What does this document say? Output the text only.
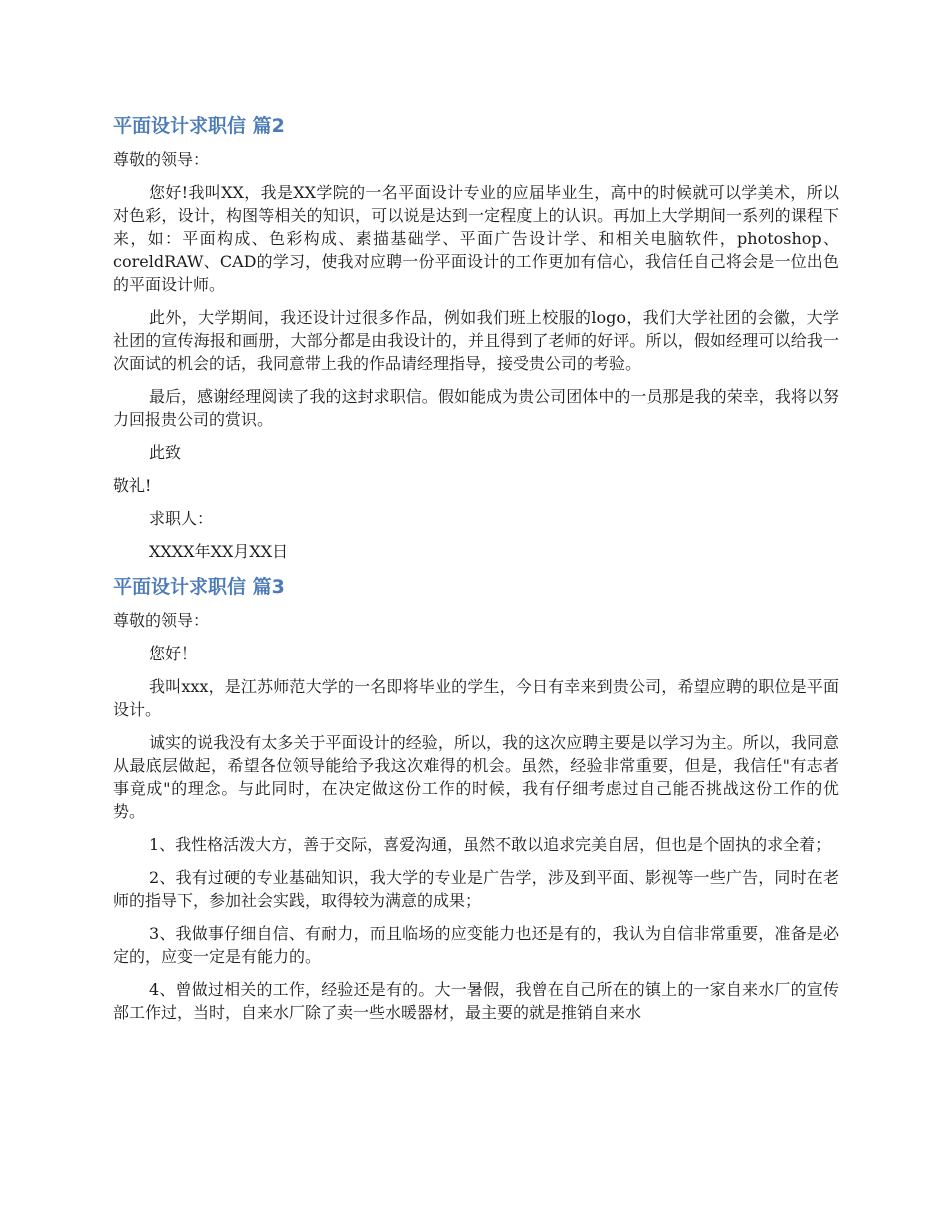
平面设计求职信 篇2
尊敬的领导：
您好!我叫XX，我是XX学院的一名平面设计专业的应届毕业生，高中的时候就可以学美术，所以对色彩，设计，构图等相关的知识，可以说是达到一定程度上的认识。再加上大学期间一系列的课程下来，如：平面构成、色彩构成、素描基础学、平面广告设计学、和相关电脑软件，photoshop、coreldRAW、CAD的学习，使我对应聘一份平面设计的工作更加有信心，我信任自己将会是一位出色的平面设计师。
此外，大学期间，我还设计过很多作品，例如我们班上校服的logo，我们大学社团的会徽，大学社团的宣传海报和画册，大部分都是由我设计的，并且得到了老师的好评。所以，假如经理可以给我一次面试的机会的话，我同意带上我的作品请经理指导，接受贵公司的考验。
最后，感谢经理阅读了我的这封求职信。假如能成为贵公司团体中的一员那是我的荣幸，我将以努力回报贵公司的赏识。
此致
敬礼!
求职人：
XXXX年XX月XX日
平面设计求职信 篇3
尊敬的领导：
您好！
我叫xxx，是江苏师范大学的一名即将毕业的学生，今日有幸来到贵公司，希望应聘的职位是平面设计。
诚实的说我没有太多关于平面设计的经验，所以，我的这次应聘主要是以学习为主。所以，我同意从最底层做起，希望各位领导能给予我这次难得的机会。虽然，经验非常重要，但是，我信任"有志者事竟成"的理念。与此同时，在决定做这份工作的时候，我有仔细考虑过自己能否挑战这份工作的优势。
1、我性格活泼大方，善于交际，喜爱沟通，虽然不敢以追求完美自居，但也是个固执的求全着；
2、我有过硬的专业基础知识，我大学的专业是广告学，涉及到平面、影视等一些广告，同时在老师的指导下，参加社会实践，取得较为满意的成果；
3、我做事仔细自信、有耐力，而且临场的应变能力也还是有的，我认为自信非常重要，准备是必定的，应变一定是有能力的。
4、曾做过相关的工作，经验还是有的。大一暑假，我曾在自己所在的镇上的一家自来水厂的宣传部工作过，当时，自来水厂除了卖一些水暖器材，最主要的就是推销自来水
